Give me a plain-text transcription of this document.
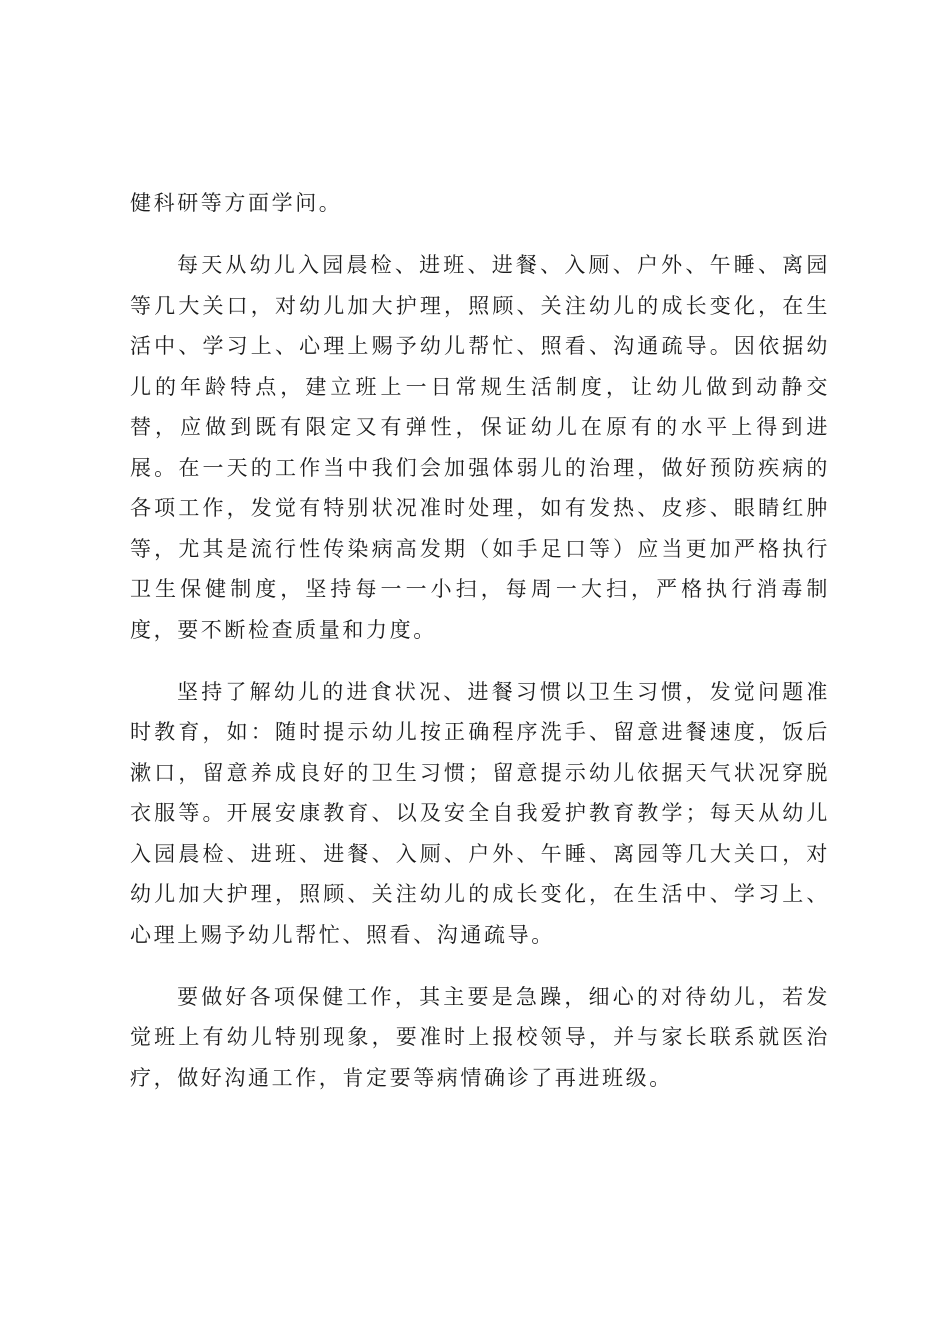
健科研等方面学问。

每天从幼儿入园晨检、进班、进餐、入厕、户外、午睡、离园等几大关口，对幼儿加大护理，照顾、关注幼儿的成长变化，在生活中、学习上、心理上赐予幼儿帮忙、照看、沟通疏导。因依据幼儿的年龄特点，建立班上一日常规生活制度，让幼儿做到动静交替，应做到既有限定又有弹性，保证幼儿在原有的水平上得到进展。在一天的工作当中我们会加强体弱儿的治理，做好预防疾病的各项工作，发觉有特别状况准时处理，如有发热、皮疹、眼睛红肿等，尤其是流行性传染病高发期（如手足口等）应当更加严格执行卫生保健制度，坚持每一一小扫，每周一大扫，严格执行消毒制度，要不断检查质量和力度。

坚持了解幼儿的进食状况、进餐习惯以卫生习惯，发觉问题准时教育，如：随时提示幼儿按正确程序洗手、留意进餐速度，饭后漱口，留意养成良好的卫生习惯；留意提示幼儿依据天气状况穿脱衣服等。开展安康教育、以及安全自我爱护教育教学；每天从幼儿入园晨检、进班、进餐、入厕、户外、午睡、离园等几大关口，对幼儿加大护理，照顾、关注幼儿的成长变化，在生活中、学习上、心理上赐予幼儿帮忙、照看、沟通疏导。

要做好各项保健工作，其主要是急躁，细心的对待幼儿，若发觉班上有幼儿特别现象，要准时上报校领导，并与家长联系就医治疗，做好沟通工作，肯定要等病情确诊了再进班级。
